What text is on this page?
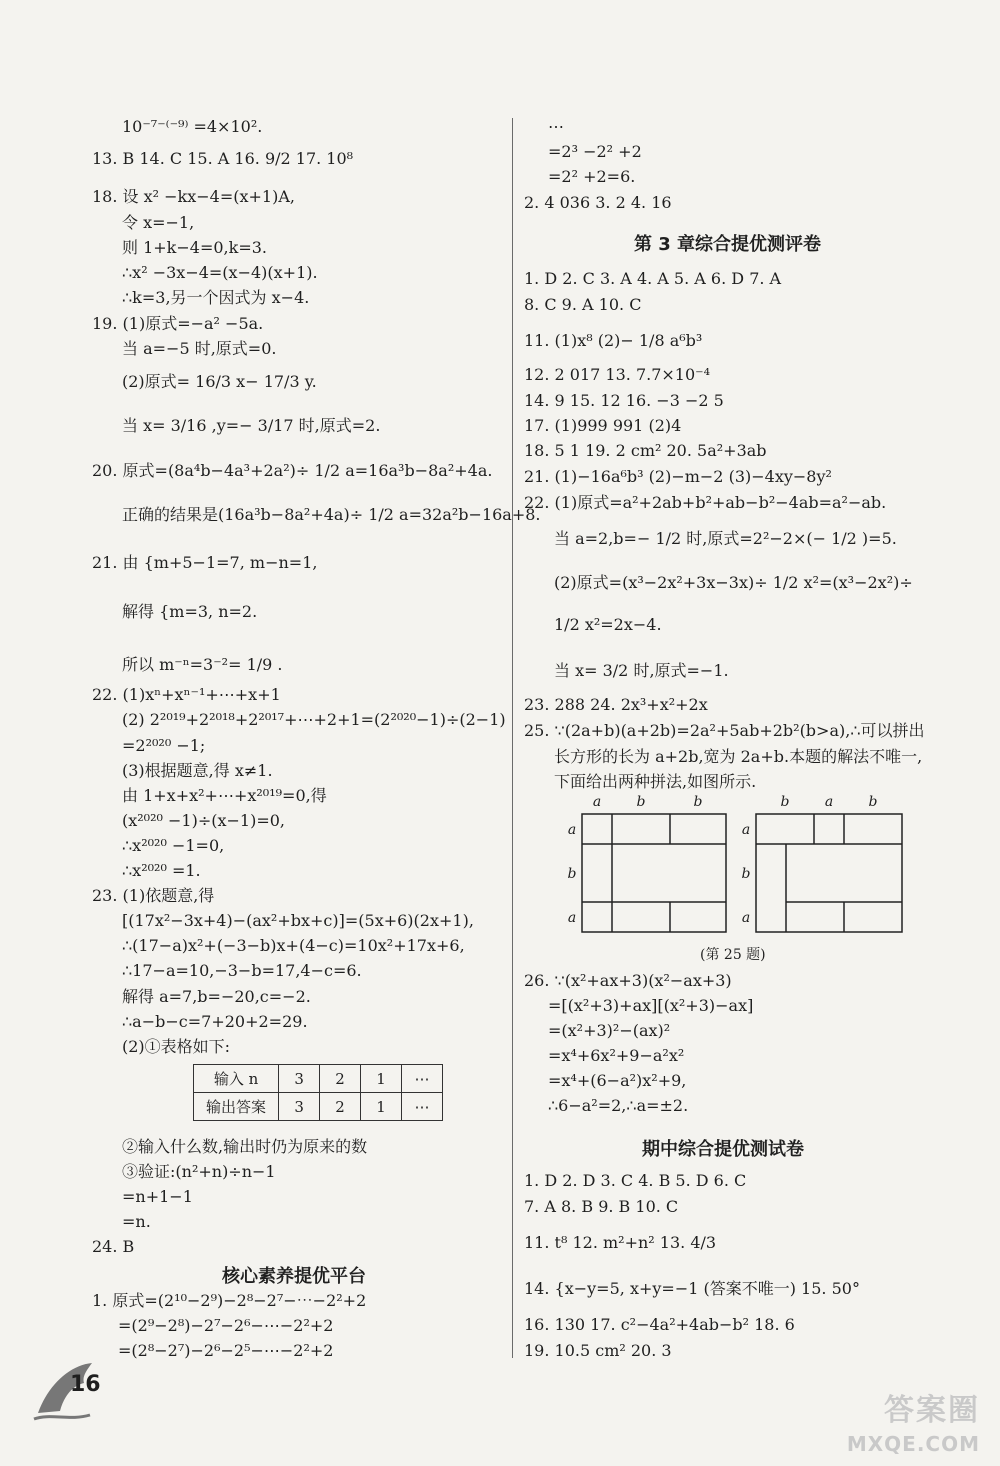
10⁻⁷⁻⁽⁻⁹⁾ =4×10².
13. B 14. C 15. A 16. 9/2 17. 10⁸
18. 设 x² −kx−4=(x+1)A,
令 x=−1,
则 1+k−4=0,k=3.
∴x² −3x−4=(x−4)(x+1).
∴k=3,另一个因式为 x−4.
19. (1)原式=−a² −5a.
当 a=−5 时,原式=0.
(2)原式= 16/3 x− 17/3 y.
当 x= 3/16 ,y=− 3/17 时,原式=2.
20. 原式=(8a⁴b−4a³+2a²)÷ 1/2 a=16a³b−8a²+4a.
正确的结果是(16a³b−8a²+4a)÷ 1/2 a=32a²b−16a+8.
21. 由 {m+5−1=7, m−n=1,
解得 {m=3, n=2.
所以 m⁻ⁿ=3⁻²= 1/9 .
22. (1)xⁿ+xⁿ⁻¹+⋯+x+1
(2) 2²⁰¹⁹+2²⁰¹⁸+2²⁰¹⁷+⋯+2+1=(2²⁰²⁰−1)÷(2−1)
=2²⁰²⁰ −1;
(3)根据题意,得 x≠1.
由 1+x+x²+⋯+x²⁰¹⁹=0,得
(x²⁰²⁰ −1)÷(x−1)=0,
∴x²⁰²⁰ −1=0,
∴x²⁰²⁰ =1.
23. (1)依题意,得
[(17x²−3x+4)−(ax²+bx+c)]=(5x+6)(2x+1),
∴(17−a)x²+(−3−b)x+(4−c)=10x²+17x+6,
∴17−a=10,−3−b=17,4−c=6.
解得 a=7,b=−20,c=−2.
∴a−b−c=7+20+2=29.
(2)①表格如下:
输入 n	3	2	1	⋯
输出答案	3	2	1	⋯
②输入什么数,输出时仍为原来的数
③验证:(n²+n)÷n−1
=n+1−1
=n.
24. B
核心素养提优平台
1. 原式=(2¹⁰−2⁹)−2⁸−2⁷−⋯−2²+2
=(2⁹−2⁸)−2⁷−2⁶−⋯−2²+2
=(2⁸−2⁷)−2⁶−2⁵−⋯−2²+2
⋯
=2³ −2² +2
=2² +2=6.
2. 4 036 3. 2 4. 16
第 3 章综合提优测评卷
1. D 2. C 3. A 4. A 5. A 6. D 7. A
8. C 9. A 10. C
11. (1)x⁸ (2)− 1/8 a⁶b³
12. 2 017 13. 7.7×10⁻⁴
14. 9 15. 12 16. −3 −2 5
17. (1)999 991 (2)4
18. 5 1 19. 2 cm² 20. 5a²+3ab
21. (1)−16a⁶b³ (2)−m−2 (3)−4xy−8y²
22. (1)原式=a²+2ab+b²+ab−b²−4ab=a²−ab.
当 a=2,b=− 1/2 时,原式=2²−2×(− 1/2 )=5.
(2)原式=(x³−2x²+3x−3x)÷ 1/2 x²=(x³−2x²)÷
1/2 x²=2x−4.
当 x= 3/2 时,原式=−1.
23. 288 24. 2x³+x²+2x
25. ∵(2a+b)(a+2b)=2a²+5ab+2b²(b>a),∴可以拼出
长方形的长为 a+2b,宽为 2a+b.本题的解法不唯一,
下面给出两种拼法,如图所示.
a	b	b
a
b
a
b	a	b
a
b
a
(第 25 题)
26. ∵(x²+ax+3)(x²−ax+3)
=[(x²+3)+ax][(x²+3)−ax]
=(x²+3)²−(ax)²
=x⁴+6x²+9−a²x²
=x⁴+(6−a²)x²+9,
∴6−a²=2,∴a=±2.
期中综合提优测试卷
1. D 2. D 3. C 4. B 5. D 6. C
7. A 8. B 9. B 10. C
11. t⁸ 12. m²+n² 13. 4/3
14. {x−y=5, x+y=−1 (答案不唯一) 15. 50°
16. 130 17. c²−4a²+4ab−b² 18. 6
19. 10.5 cm² 20. 3
16
答案圈
MXQE.COM
